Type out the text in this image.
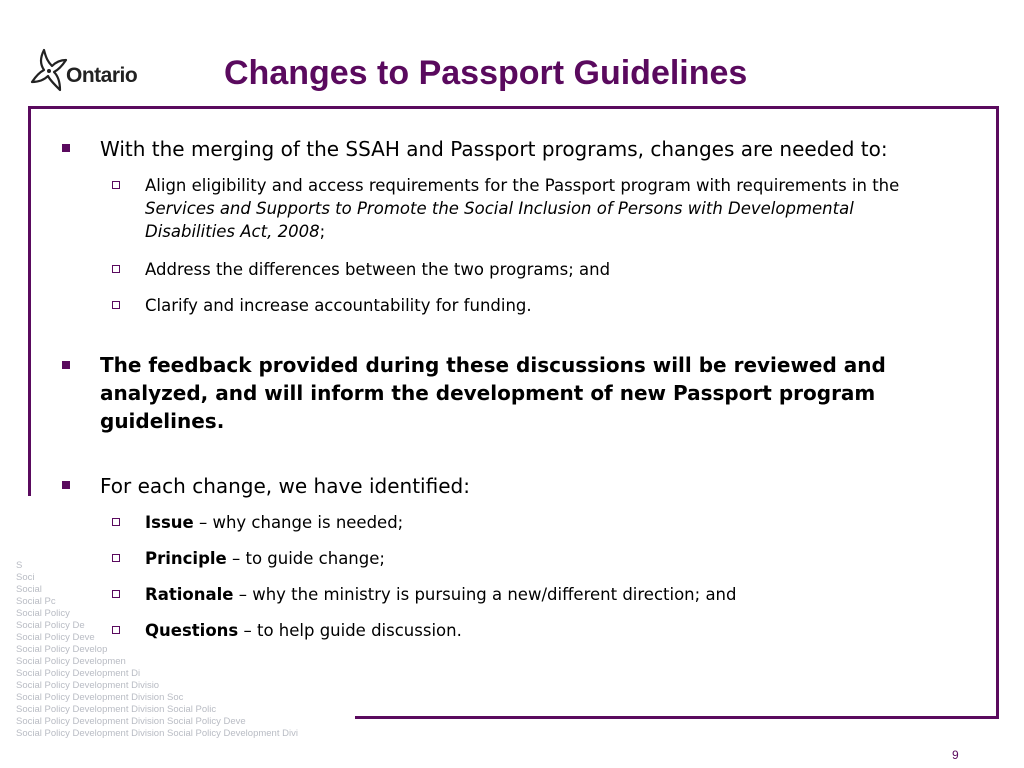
Ontario	Changes to Passport Guidelines
S
Soci
Social
Social Pc
Social Policy
Social Policy De
Social Policy Deve
Social Policy Develop
Social Policy Developmen
Social Policy Development Di
Social Policy Development Divisio
Social Policy Development Division Soc
Social Policy Development Division Social Polic
Social Policy Development Division Social Policy Deve
Social Policy Development Division Social Policy Development Divi
With the merging of the SSAH and Passport programs, changes are needed to:
Align eligibility and access requirements for the Passport program with requirements in the Services and Supports to Promote the Social Inclusion of Persons with Developmental Disabilities Act, 2008;
Address the differences between the two programs; and
Clarify and increase accountability for funding.
The feedback provided during these discussions will be reviewed and analyzed, and will inform the development of new Passport program guidelines.
For each change, we have identified:
Issue – why change is needed;
Principle – to guide change;
Rationale – why the ministry is pursuing a new/different direction; and
Questions – to help guide discussion.
9
